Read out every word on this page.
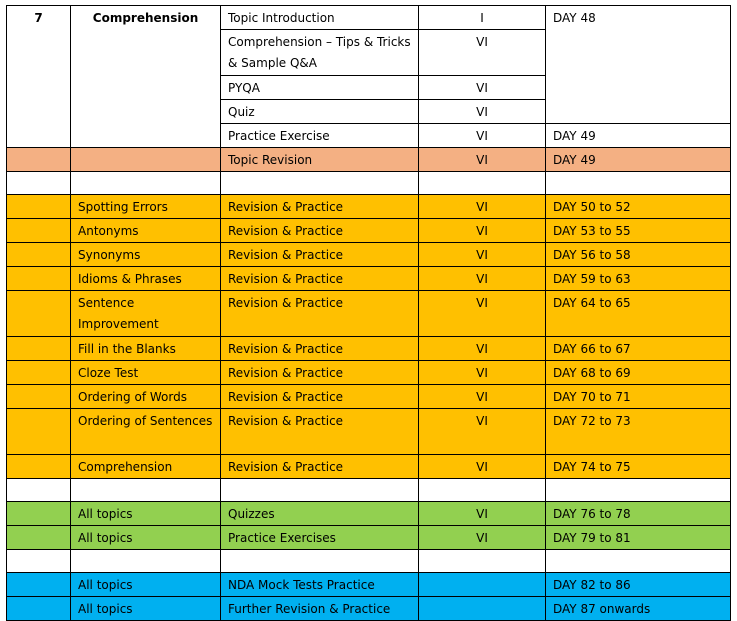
7	Comprehension	Topic Introduction	I	DAY 48
		Comprehension – Tips & Tricks & Sample Q&A	VI	
		PYQA	VI	
		Quiz	VI	
		Practice Exercise	VI	DAY 49
		Topic Revision	VI	DAY 49

	Spotting Errors	Revision & Practice	VI	DAY 50 to 52
	Antonyms	Revision & Practice	VI	DAY 53 to 55
	Synonyms	Revision & Practice	VI	DAY 56 to 58
	Idioms & Phrases	Revision & Practice	VI	DAY 59 to 63
	Sentence Improvement	Revision & Practice	VI	DAY 64 to 65
	Fill in the Blanks	Revision & Practice	VI	DAY 66 to 67
	Cloze Test	Revision & Practice	VI	DAY 68 to 69
	Ordering of Words	Revision & Practice	VI	DAY 70 to 71
	Ordering of Sentences	Revision & Practice	VI	DAY 72 to 73
	Comprehension	Revision & Practice	VI	DAY 74 to 75

	All topics	Quizzes	VI	DAY 76 to 78
	All topics	Practice Exercises	VI	DAY 79 to 81

	All topics	NDA Mock Tests Practice		DAY 82 to 86
	All topics	Further Revision & Practice		DAY 87 onwards
